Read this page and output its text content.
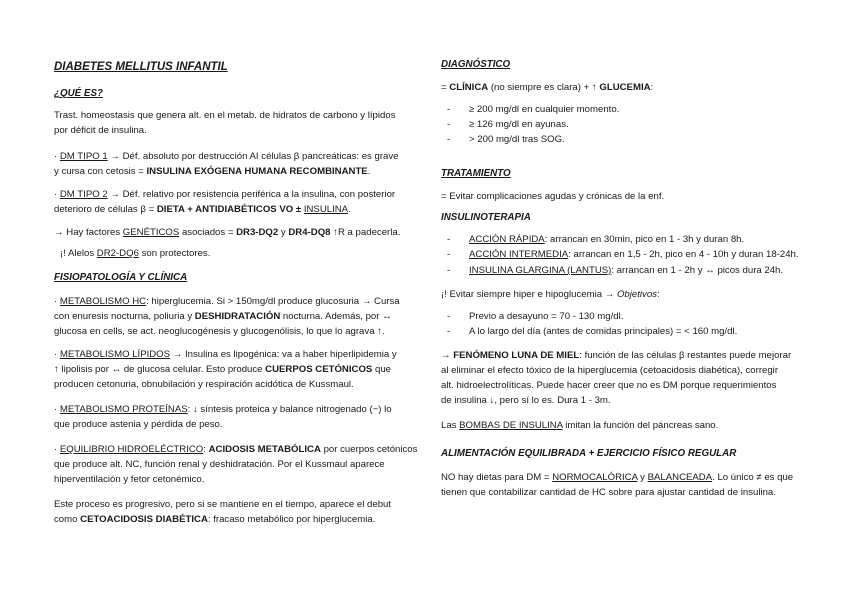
DIABETES MELLITUS INFANTIL
¿QUÉ ES?
Trast. homeostasis que genera alt. en el metab. de hidratos de carbono y lípidos
por déficit de insulina.
· DM TIPO 1 → Déf. absoluto por destrucción AI células β pancreáticas: es grave
y cursa con cetosis = INSULINA EXÓGENA HUMANA RECOMBINANTE.
· DM TIPO 2 → Déf. relativo por resistencia periférica a la insulina, con posterior
deterioro de células β = DIETA + ANTIDIABÉTICOS VO ± INSULINA.
→ Hay factores GENÉTICOS asociados = DR3-DQ2 y DR4-DQ8 ↑R a padecerla.
¡! Alelos DR2-DQ6 son protectores.
FISIOPATOLOGÍA Y CLÍNICA
· METABOLISMO HC: hiperglucemia. Si > 150mg/dl produce glucosuria → Cursa
con enuresis nocturna, poliuria y DESHIDRATACIÓN nocturna. Además, por ↔
glucosa en cells, se act. neoglucogénesis y glucogenólisis, lo que lo agrava ↑.
· METABOLISMO LÍPIDOS → Insulina es lipogénica: va a haber hiperlipidemia y
↑ lipolisis por ↔ de glucosa celular. Esto produce CUERPOS CETÓNICOS que
producen cetonuria, obnubilación y respiración acidótica de Kussmaul.
· METABOLISMO PROTEÍNAS: ↓ síntesis proteica y balance nitrogenado (−) lo
que produce astenia y pérdida de peso.
· EQUILIBRIO HIDROELÉCTRICO: ACIDOSIS METABÓLICA por cuerpos cetónicos
que produce alt. NC, función renal y deshidratación. Por el Kussmaul aparece
hiperventilación y fetor cetonémico.
Este proceso es progresivo, pero si se mantiene en el tiempo, aparece el debut
como CETOACIDOSIS DIABÉTICA: fracaso metabólico por hiperglucemia.
DIAGNÓSTICO
= CLÍNICA (no siempre es clara) + ↑ GLUCEMIA:
- ≥ 200 mg/dl en cualquier momento.
- ≥ 126 mg/dl en ayunas.
- > 200 mg/dl tras SOG.
TRATAMIENTO
= Evitar complicaciones agudas y crónicas de la enf.
INSULINOTERAPIA
- ACCIÓN RÁPIDA: arrancan en 30min, pico en 1 - 3h y duran 8h.
- ACCIÓN INTERMEDIA: arrancan en 1,5 - 2h, pico en 4 - 10h y duran 18-24h.
- INSULINA GLARGINA (LANTUS): arrancan en 1 - 2h y ↔ picos dura 24h.
¡! Evitar siempre hiper e hipoglucemia → Objetivos:
- Previo a desayuno = 70 - 130 mg/dl.
- A lo largo del día (antes de comidas principales) = < 160 mg/dl.
→ FENÓMENO LUNA DE MIEL: función de las células β restantes puede mejorar
al eliminar el efecto tóxico de la hiperglucemia (cetoacidosis diabética), corregir
alt. hidroelectrolíticas. Puede hacer creer que no es DM porque requerimientos
de insulina ↓, pero sí lo es. Dura 1 - 3m.
Las BOMBAS DE INSULINA imitan la función del páncreas sano.
ALIMENTACIÓN EQUILIBRADA + EJERCICIO FÍSICO REGULAR
NO hay dietas para DM = NORMOCALÓRICA y BALANCEADA. Lo único ≠ es que
tienen que contabilizar cantidad de HC sobre para ajustar cantidad de insulina.
